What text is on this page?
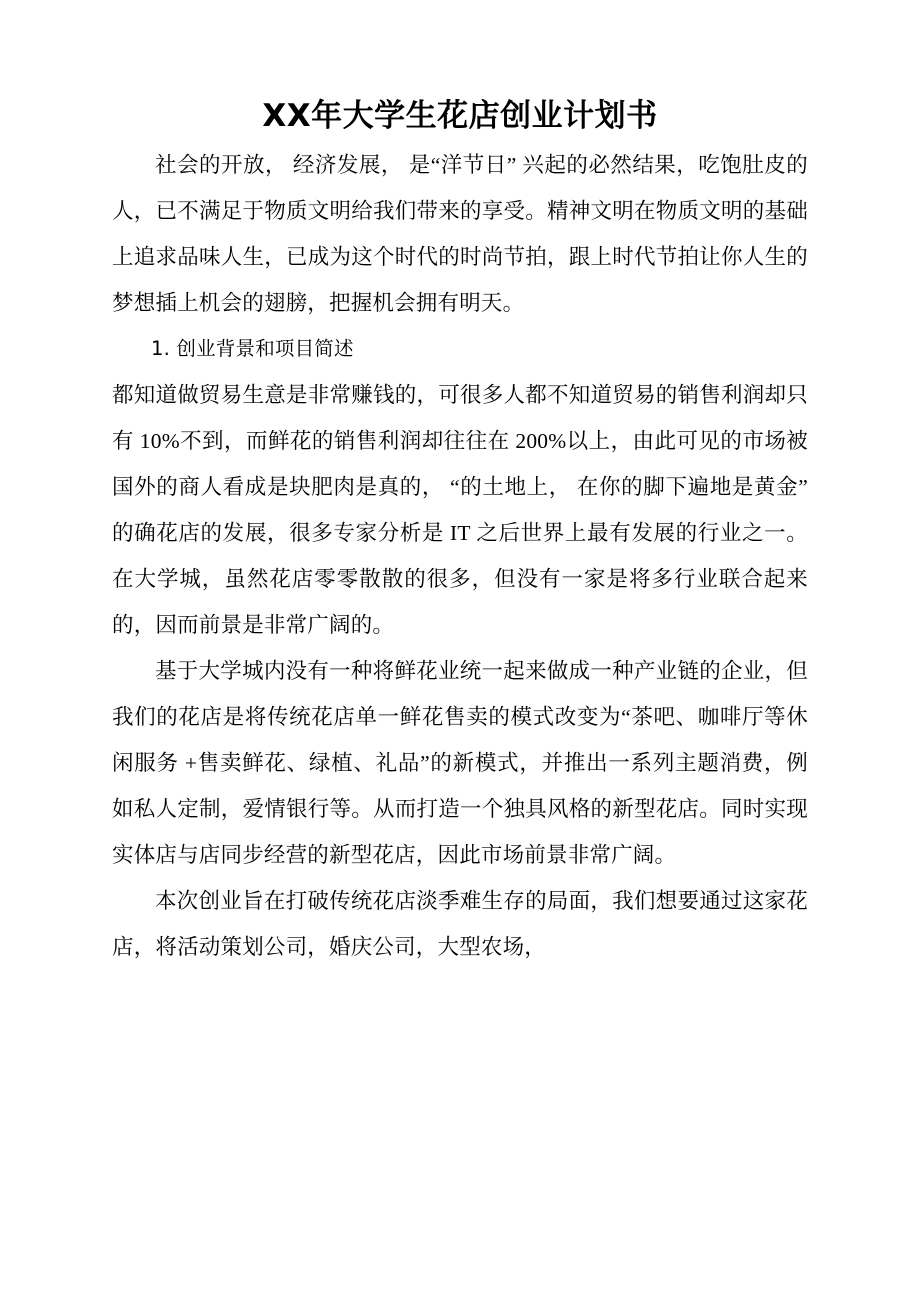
XX年大学生花店创业计划书

社会的开放， 经济发展， 是“洋节日” 兴起的必然结果，吃饱肚皮的人，已不满足于物质文明给我们带来的享受。精神文明在物质文明的基础上追求品味人生，已成为这个时代的时尚节拍，跟上时代节拍让你人生的梦想插上机会的翅膀，把握机会拥有明天。

1. 创业背景和项目简述

都知道做贸易生意是非常赚钱的，可很多人都不知道贸易的销售利润却只有 10%不到，而鲜花的销售利润却往往在 200%以上，由此可见的市场被国外的商人看成是块肥肉是真的， “的土地上， 在你的脚下遍地是黄金” 的确花店的发展，很多专家分析是 IT 之后世界上最有发展的行业之一。在大学城，虽然花店零零散散的很多，但没有一家是将多行业联合起来的，因而前景是非常广阔的。

基于大学城内没有一种将鲜花业统一起来做成一种产业链的企业，但我们的花店是将传统花店单一鲜花售卖的模式改变为“茶吧、咖啡厅等休闲服务 +售卖鲜花、绿植、礼品”的新模式，并推出一系列主题消费，例如私人定制，爱情银行等。从而打造一个独具风格的新型花店。同时实现实体店与店同步经营的新型花店，因此市场前景非常广阔。

本次创业旨在打破传统花店淡季难生存的局面，我们想要通过这家花店，将活动策划公司，婚庆公司，大型农场，
